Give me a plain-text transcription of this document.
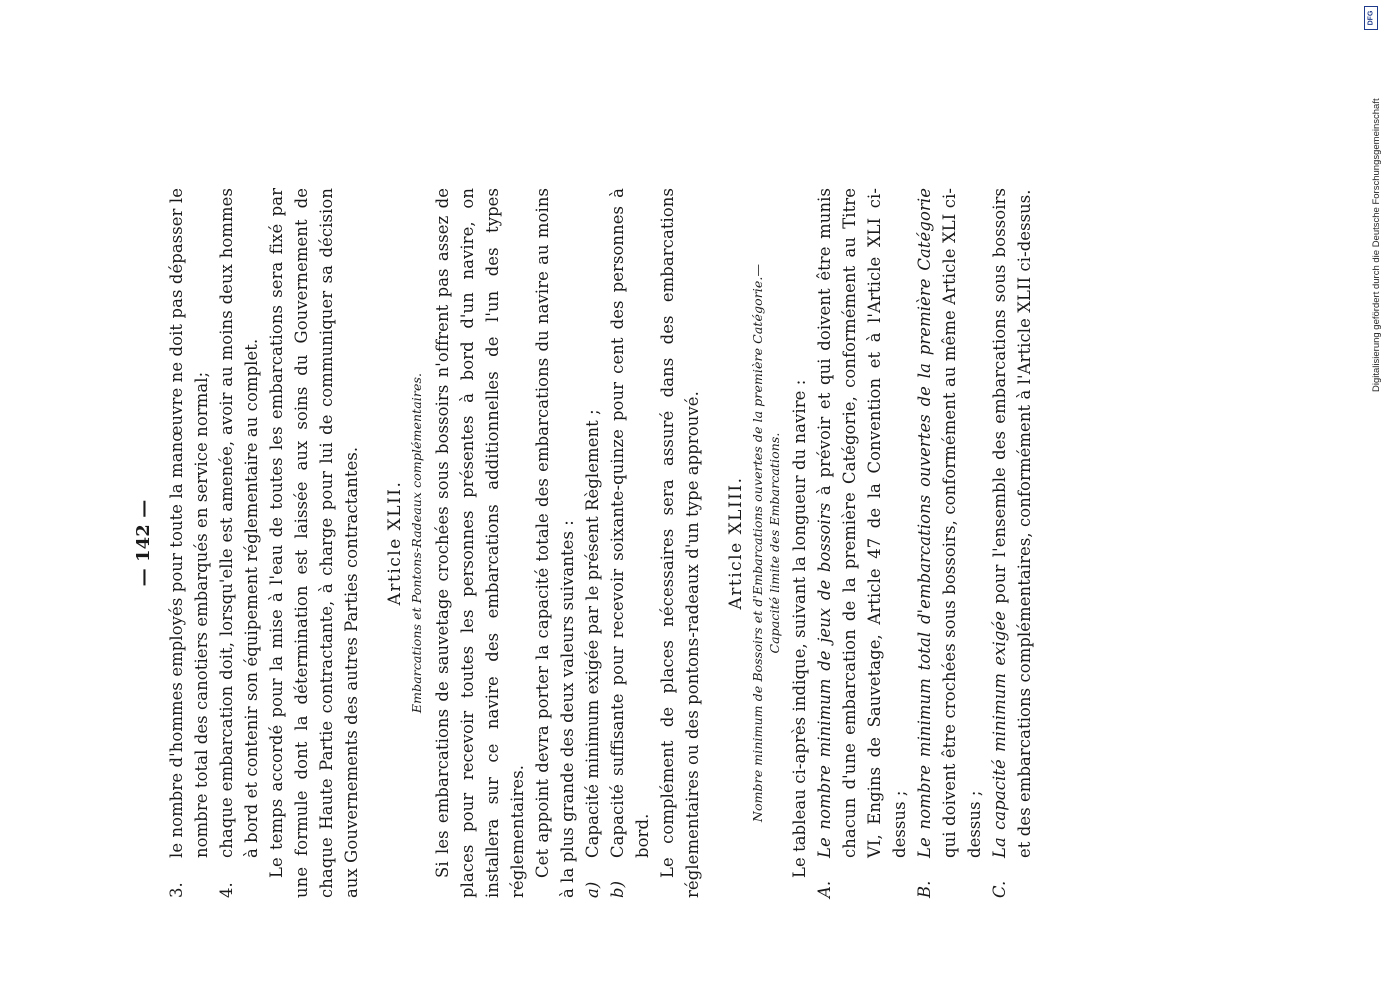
DFG
Digitalisierung gefördert durch die Deutsche Forschungsgemeinschaft
— 142 —
3.
le nombre d'hommes employés pour toute la manœuvre ne doit pas dépasser le nombre total des canotiers embarqués en service normal;
4.
chaque embarcation doit, lorsqu'elle est amenée, avoir au moins deux hommes à bord et contenir son équipement réglementaire au complet. Le temps accordé pour la mise à l'eau de toutes les embarcations sera fixé par une formule dont la détermination est laissée aux soins du Gouvernement de chaque Haute Partie contractante, à charge pour lui de communiquer sa décision aux Gouvernements des autres Parties contractantes. Article XLII. Embarcations et Pontons-Radeaux complémentaires. Si les embarcations de sauvetage crochées sous bossoirs n'offrent pas assez de places pour recevoir toutes les personnes présentes à bord d'un navire, on installera sur ce navire des embarcations additionnelles de l'un des types réglementaires. Cet appoint devra porter la capacité totale des embarcations du navire au moins à la plus grande des deux valeurs suivantes : a)
Capacité minimum exigée par le présent Règlement ;
b)
Capacité suffisante pour recevoir soixante-quinze pour cent des personnes à bord. Le complément de places nécessaires sera assuré dans des embarcations réglementaires ou des pontons-radeaux d'un type approuvé. Article XLIII. Nombre minimum de Bossoirs et d'Embarcations ouvertes de la première Catégorie.— Capacité limite des Embarcations. Le tableau ci-après indique, suivant la longueur du navire :

A.
Le nombre minimum de jeux de bossoirs à prévoir et qui doivent être munis chacun d'une embarcation de la première Catégorie, conformément au Titre VI, Engins de Sauvetage, Article 47 de la Convention et à l'Article XLI ci-dessus ;
B.
Le nombre minimum total d'embarcations ouvertes de la première Catégorie qui doivent être crochées sous bossoirs, conformément au même Article XLI ci-dessus ;
C.
La capacité minimum exigée pour l'ensemble des embarcations sous bossoirs et des embarcations complémentaires, conformément à l'Article XLII ci-dessus.
